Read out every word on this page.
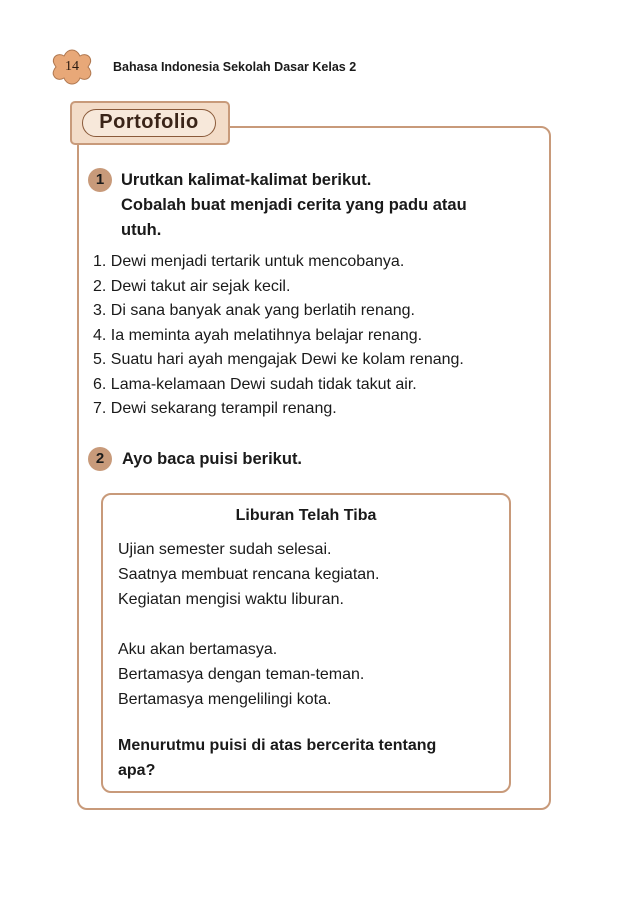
14	Bahasa Indonesia Sekolah Dasar Kelas 2
Portofolio
1	Urutkan kalimat-kalimat berikut.
Cobalah buat menjadi cerita yang padu atau
utuh.
1. Dewi menjadi tertarik untuk mencobanya.
2. Dewi takut air sejak kecil.
3. Di sana banyak anak yang berlatih renang.
4. Ia meminta ayah melatihnya belajar renang.
5. Suatu hari ayah mengajak Dewi ke kolam renang.
6. Lama-kelamaan Dewi sudah tidak takut air.
7. Dewi sekarang terampil renang.
2	Ayo baca puisi berikut.
Liburan Telah Tiba
Ujian semester sudah selesai.
Saatnya membuat rencana kegiatan.
Kegiatan mengisi waktu liburan.
Aku akan bertamasya.
Bertamasya dengan teman-teman.
Bertamasya mengelilingi kota.
Menurutmu puisi di atas bercerita tentang
apa?
